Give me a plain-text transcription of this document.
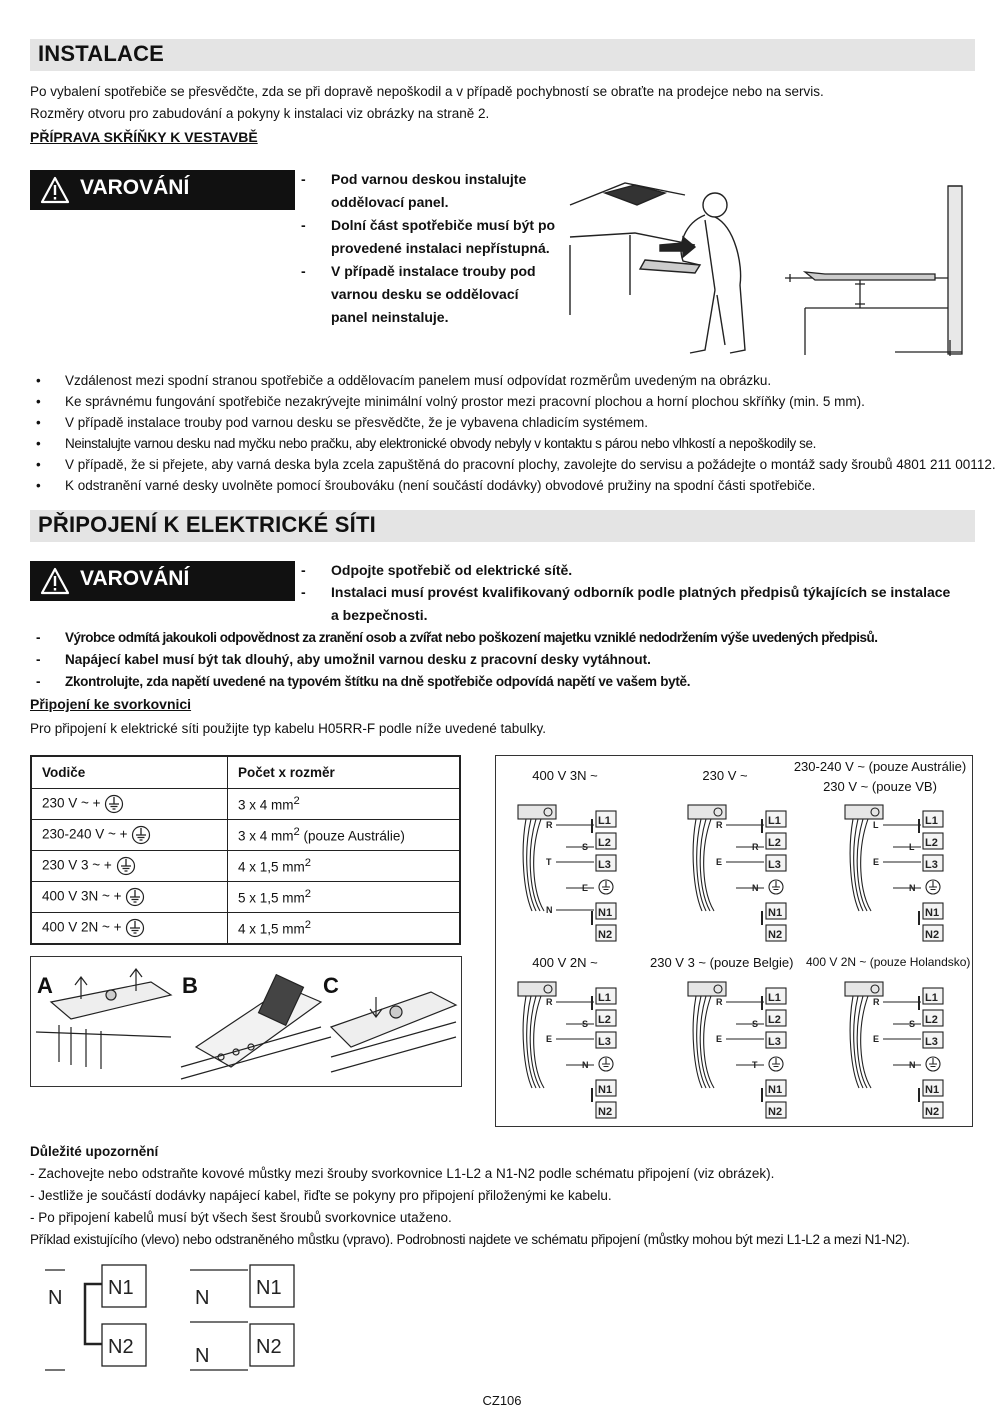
INSTALACE
Po vybalení spotřebiče se přesvědčte, zda se při dopravě nepoškodil a v případě pochybností se obraťte na prodejce nebo na servis.
Rozměry otvoru pro zabudování a pokyny k instalaci viz obrázky na straně 2.
PŘÍPRAVA SKŘÍŇKY K VESTAVBĚ
VAROVÁNÍ	- Pod varnou deskou instalujte oddělovací panel.
- Dolní část spotřebiče musí být po provedené instalaci nepřístupná.
- V případě instalace trouby pod varnou desku se oddělovací panel neinstaluje.
• Vzdálenost mezi spodní stranou spotřebiče a oddělovacím panelem musí odpovídat rozměrům uvedeným na obrázku.
• Ke správnému fungování spotřebiče nezakrývejte minimální volný prostor mezi pracovní plochou a horní plochou skříňky (min. 5 mm).
• V případě instalace trouby pod varnou desku se přesvědčte, že je vybavena chladicím systémem.
• Neinstalujte varnou desku nad myčku nebo pračku, aby elektronické obvody nebyly v kontaktu s párou nebo vlhkostí a nepoškodily se.
• V případě, že si přejete, aby varná deska byla zcela zapuštěná do pracovní plochy, zavolejte do servisu a požádejte o montáž sady šroubů 4801 211 00112.
• K odstranění varné desky uvolněte pomocí šroubováku (není součástí dodávky) obvodové pružiny na spodní části spotřebiče.
PŘIPOJENÍ K ELEKTRICKÉ SÍTI
VAROVÁNÍ	- Odpojte spotřebič od elektrické sítě.
- Instalaci musí provést kvalifikovaný odborník podle platných předpisů týkajících se instalace a bezpečnosti.
- Výrobce odmítá jakoukoli odpovědnost za zranění osob a zvířat nebo poškození majetku vzniklé nedodržením výše uvedených předpisů.
- Napájecí kabel musí být tak dlouhý, aby umožnil varnou desku z pracovní desky vytáhnout.
- Zkontrolujte, zda napětí uvedené na typovém štítku na dně spotřebiče odpovídá napětí ve vašem bytě.
Připojení ke svorkovnici
Pro připojení k elektrické síti použijte typ kabelu H05RR-F podle níže uvedené tabulky.
Vodiče	Počet x rozměr
230 V ~ +	3 x 4 $mm^2$
230-240 V ~ +	3 x 4 $mm^2$ (pouze Austrálie)
230 V 3 ~ +	4 x 1,5 $mm^2$
400 V 3N ~ +	5 x 1,5 $mm^2$
400 V 2N ~ +	4 x 1,5 $mm^2$
A	B	C
400 V 3N ~	230 V ~
230-240 V ~ (pouze Austrálie)
230 V ~ (pouze VB)
400 V 2N ~	230 V 3 ~ (pouze Belgie) 400 V 2N ~ (pouze Holandsko)
L1
L2
L3
N1
N2
R
S
T
E
N
L1
L2
L3
N1
N2
R
R
E
N
L1
L2
L3
N1
N2
L
L
E
N
L1
L2
L3
N1
N2
R
S
E
N
L1
L2
L3
N1
N2
R
S
E
T
L1
L2
L3
N1
N2
R
S
E
N
Důležité upozornění
- Zachovejte nebo odstraňte kovové můstky mezi šrouby svorkovnice L1-L2 a N1-N2 podle schématu připojení (viz obrázek).
- Jestliže je součástí dodávky napájecí kabel, řiďte se pokyny pro připojení přiloženými ke kabelu.
- Po připojení kabelů musí být všech šest šroubů svorkovnice utaženo.
Příklad existujícího (vlevo) nebo odstraněného můstku (vpravo). Podrobnosti najdete ve schématu připojení (můstky mohou být mezi L1-L2 a mezi N1-N2).
N N1
N2
N
N
N1
N2
CZ106
